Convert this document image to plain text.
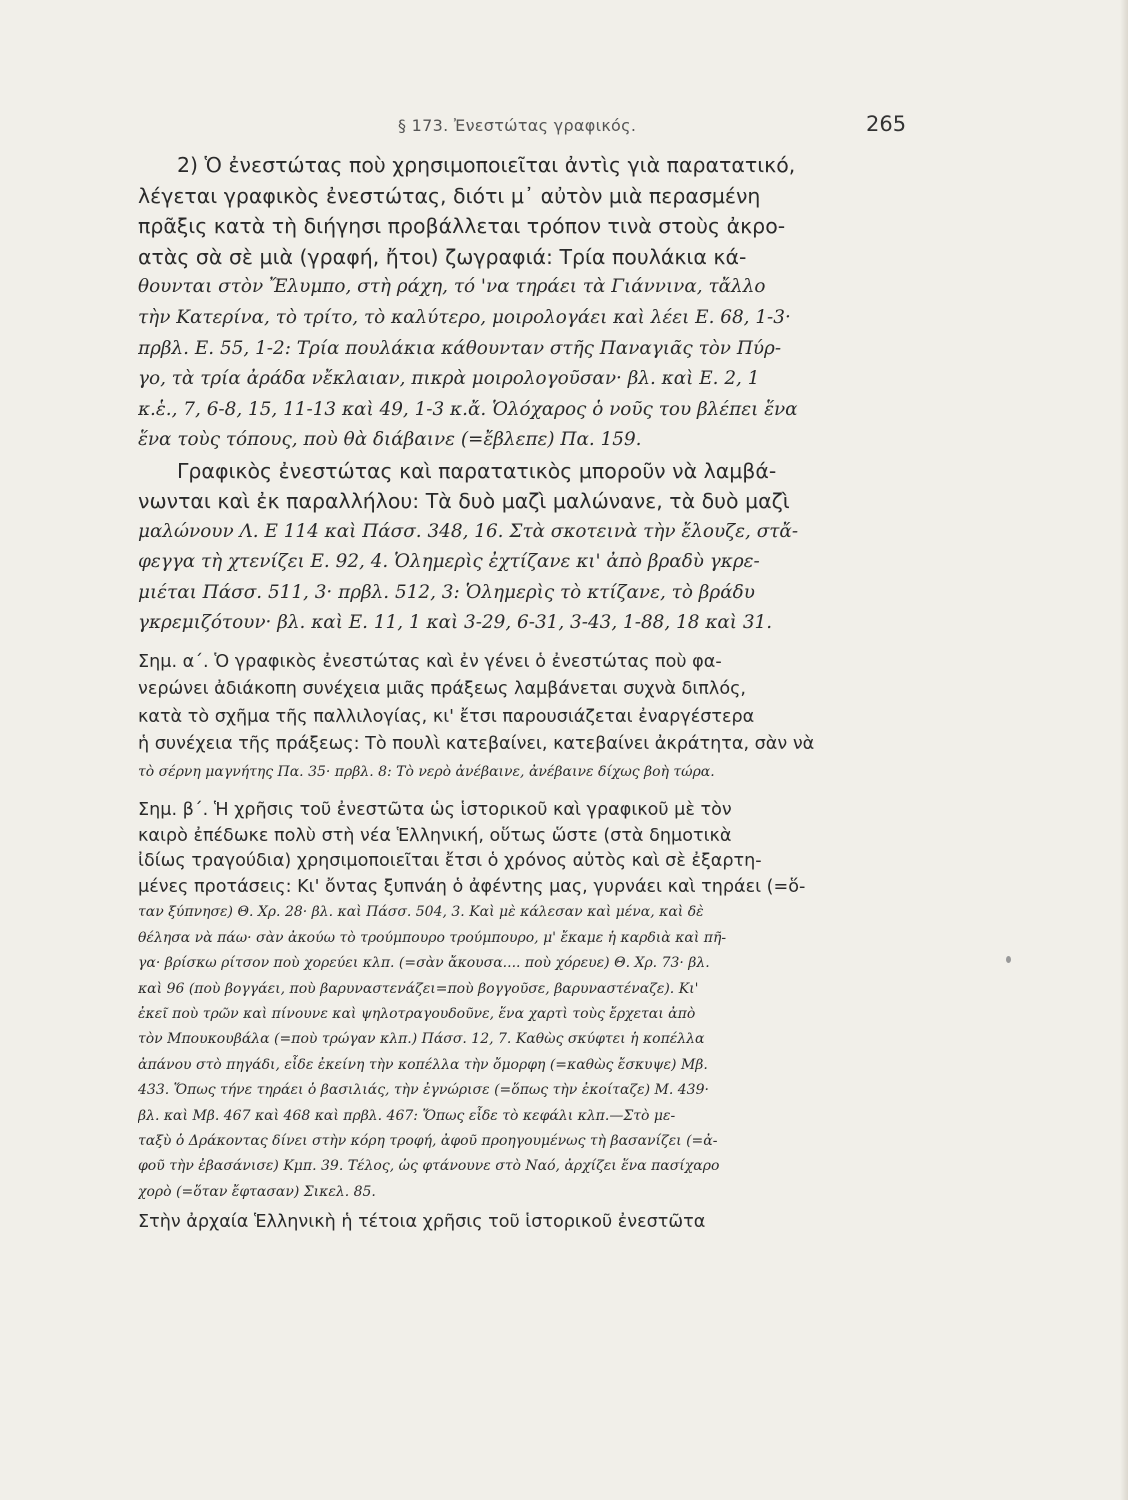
§ 173. Ἐνεστώτας γραφικός.	265

2) Ὁ ἐνεστώτας ποὺ χρησιμοποιεῖται ἀντὶς γιὰ παρατατικό,

λέγεται γραφικὸς ἐνεστώτας, διότι μ᾿ αὐτὸν μιὰ περασμένη

πρᾶξις κατὰ τὴ διήγησι προβάλλεται τρόπον τινὰ στοὺς ἀκρο-

ατὰς σὰ σὲ μιὰ (γραφή, ἤτοι) ζωγραφιά: Τρία πουλάκια κά-

θουνται στὸν Ἔλυμπο, στὴ ράχη, τό 'να τηράει τὰ Γιάννινα, τἄλλο

τὴν Κατερίνα, τὸ τρίτο, τὸ καλύτερο, μοιρολογάει καὶ λέει Ε. 68, 1-3·

πρβλ. Ε. 55, 1-2: Τρία πουλάκια κάθουνταν στῆς Παναγιᾶς τὸν Πύρ-

γο, τὰ τρία ἀράδα νἔκλαιαν, πικρὰ μοιρολογοῦσαν· βλ. καὶ Ε. 2, 1

κ.ἑ., 7, 6-8, 15, 11-13 καὶ 49, 1-3 κ.ἄ. Ὁλόχαρος ὁ νοῦς του βλέπει ἕνα

ἕνα τοὺς τόπους, ποὺ θὰ διάβαινε (=ἔβλεπε) Πα. 159.

Γραφικὸς ἐνεστώτας καὶ παρατατικὸς μποροῦν νὰ λαμβά-

νωνται καὶ ἐκ παραλλήλου: Τὰ δυὸ μαζὶ μαλώνανε, τὰ δυὸ μαζὶ

μαλώνουν Λ. Ε 114 καὶ Πάσσ. 348, 16. Στὰ σκοτεινὰ τὴν ἔλουζε, στἄ-

φεγγα τὴ χτενίζει Ε. 92, 4. Ὁλημερὶς ἐχτίζανε κι' ἀπὸ βραδὺ γκρε-

μιέται Πάσσ. 511, 3· πρβλ. 512, 3: Ὁλημερὶς τὸ κτίζανε, τὸ βράδυ

γκρεμιζότουν· βλ. καὶ Ε. 11, 1 καὶ 3-29, 6-31, 3-43, 1-88, 18 καὶ 31.

Σημ. α΄. Ὁ γραφικὸς ἐνεστώτας καὶ ἐν γένει ὁ ἐνεστώτας ποὺ φα-

νερώνει ἀδιάκοπη συνέχεια μιᾶς πράξεως λαμβάνεται συχνὰ διπλός,

κατὰ τὸ σχῆμα τῆς παλλιλογίας, κι' ἔτσι παρουσιάζεται ἐναργέστερα

ἡ συνέχεια τῆς πράξεως: Τὸ πουλὶ κατεβαίνει, κατεβαίνει ἀκράτητα, σὰν νὰ

τὸ σέρνη μαγνήτης Πα. 35· πρβλ. 8: Τὸ νερὸ ἀνέβαινε, ἀνέβαινε δίχως βοὴ τώρα.

Σημ. β΄. Ἡ χρῆσις τοῦ ἐνεστῶτα ὡς ἱστορικοῦ καὶ γραφικοῦ μὲ τὸν

καιρὸ ἐπέδωκε πολὺ στὴ νέα Ἑλληνική, οὕτως ὥστε (στὰ δημοτικὰ

ἰδίως τραγούδια) χρησιμοποιεῖται ἔτσι ὁ χρόνος αὐτὸς καὶ σὲ ἐξαρτη-

μένες προτάσεις: Κι' ὄντας ξυπνάη ὁ ἀφέντης μας, γυρνάει καὶ τηράει (=ὅ-

ταν ξύπνησε) Θ. Χρ. 28· βλ. καὶ Πάσσ. 504, 3. Καὶ μὲ κάλεσαν καὶ μένα, καὶ δὲ

θέλησα νὰ πάω· σὰν ἀκούω τὸ τρούμπουρο τρούμπουρο, μ' ἔκαμε ἡ καρδιὰ καὶ πῆ-

γα· βρίσκω ρίτσον ποὺ χορεύει κλπ. (=σὰν ἄκουσα.... ποὺ χόρευε) Θ. Χρ. 73· βλ.

καὶ 96 (ποὺ βογγάει, ποὺ βαρυναστενάζει=ποὺ βογγοῦσε, βαρυναστέναζε). Κι'

ἐκεῖ ποὺ τρῶν καὶ πίνουνε καὶ ψηλοτραγουδοῦνε, ἕνα χαρτὶ τοὺς ἔρχεται ἀπὸ

τὸν Μπουκουβάλα (=ποὺ τρώγαν κλπ.) Πάσσ. 12, 7. Καθὼς σκύφτει ἡ κοπέλλα

ἀπάνου στὸ πηγάδι, εἶδε ἐκείνη τὴν κοπέλλα τὴν ὄμορφη (=καθὼς ἔσκυψε) Μβ.

433. Ὅπως τήνε τηράει ὁ βασιλιάς, τὴν ἐγνώρισε (=ὅπως τὴν ἐκοίταζε) Μ. 439·

βλ. καὶ Μβ. 467 καὶ 468 καὶ πρβλ. 467: Ὅπως εἶδε τὸ κεφάλι κλπ.—Στὸ με-

ταξὺ ὁ Δράκοντας δίνει στὴν κόρη τροφή, ἀφοῦ προηγουμένως τὴ βασανίζει (=ἀ-

φοῦ τὴν ἐβασάνισε) Κμπ. 39. Τέλος, ὡς φτάνουνε στὸ Ναό, ἀρχίζει ἕνα πασίχαρο

χορὸ (=ὅταν ἔφτασαν) Σικελ. 85.

Στὴν ἀρχαία Ἑλληνικὴ ἡ τέτοια χρῆσις τοῦ ἱστορικοῦ ἐνεστῶτα
